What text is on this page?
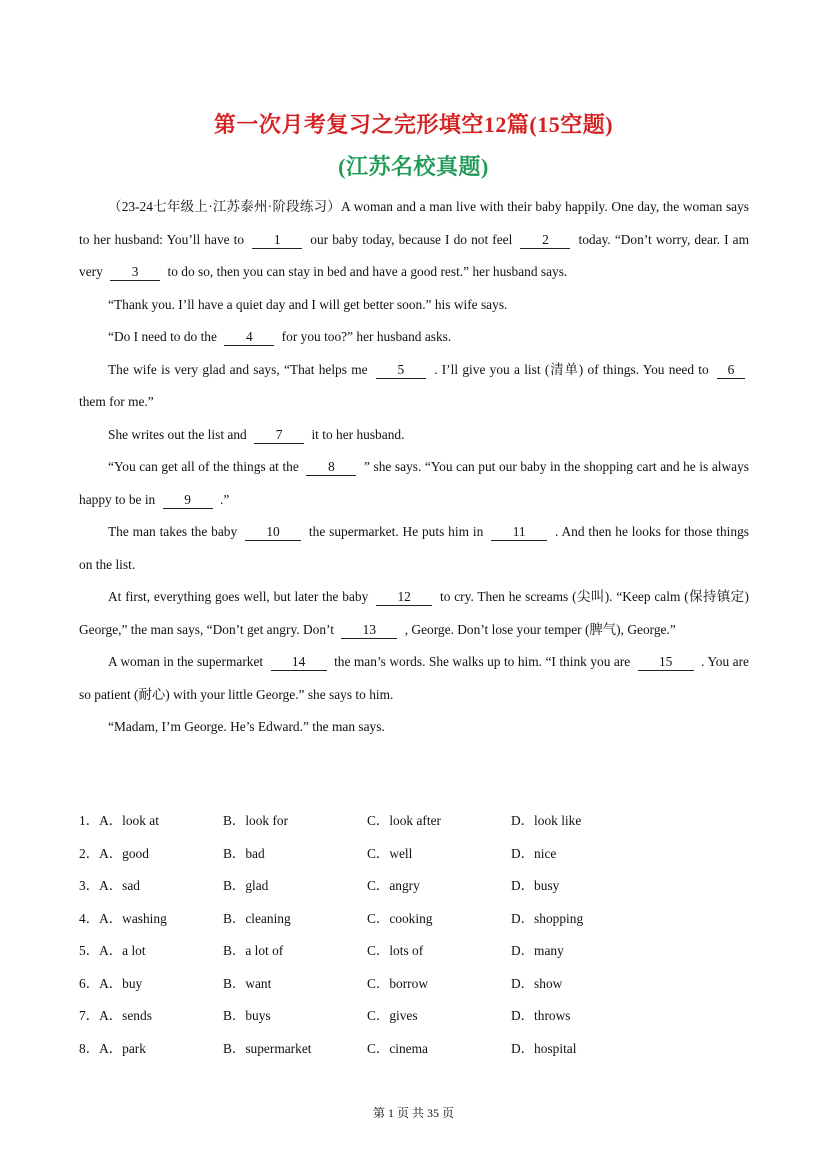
第一次月考复习之完形填空12篇(15空题)
(江苏名校真题)

（23-24七年级上·江苏泰州·阶段练习）A woman and a man live with their baby happily. One day, the woman says to her husband: You’ll have to 1 our baby today, because I do not feel 2 today. “Don’t worry, dear. I am very 3 to do so, then you can stay in bed and have a good rest.” her husband says.

“Thank you. I’ll have a quiet day and I will get better soon.” his wife says.

“Do I need to do the 4 for you too?” her husband asks.

The wife is very glad and says, “That helps me 5 . I’ll give you a list (清单) of things. You need to 6 them for me.”

She writes out the list and 7 it to her husband.

“You can get all of the things at the 8 ” she says. “You can put our baby in the shopping cart and he is always happy to be in 9 .”

The man takes the baby 10 the supermarket. He puts him in 11 . And then he looks for those things on the list.

At first, everything goes well, but later the baby 12 to cry. Then he screams (尖叫). “Keep calm (保持镇定) George,” the man says, “Don’t get angry. Don’t 13 , George. Don’t lose your temper (脾气), George.”

A woman in the supermarket 14 the man’s words. She walks up to him. “I think you are 15 . You are so patient (耐心) with your little George.” she says to him.

“Madam, I’m George. He’s Edward.” the man says.

1．A．look at	B．look for	C．look after	D．look like
2．A．good	B．bad	C．well	D．nice
3．A．sad	B．glad	C．angry	D．busy
4．A．washing	B．cleaning	C．cooking	D．shopping
5．A．a lot	B．a lot of	C．lots of	D．many
6．A．buy	B．want	C．borrow	D．show
7．A．sends	B．buys	C．gives	D．throws
8．A．park	B．supermarket	C．cinema	D．hospital
第 1 页 共 35 页
